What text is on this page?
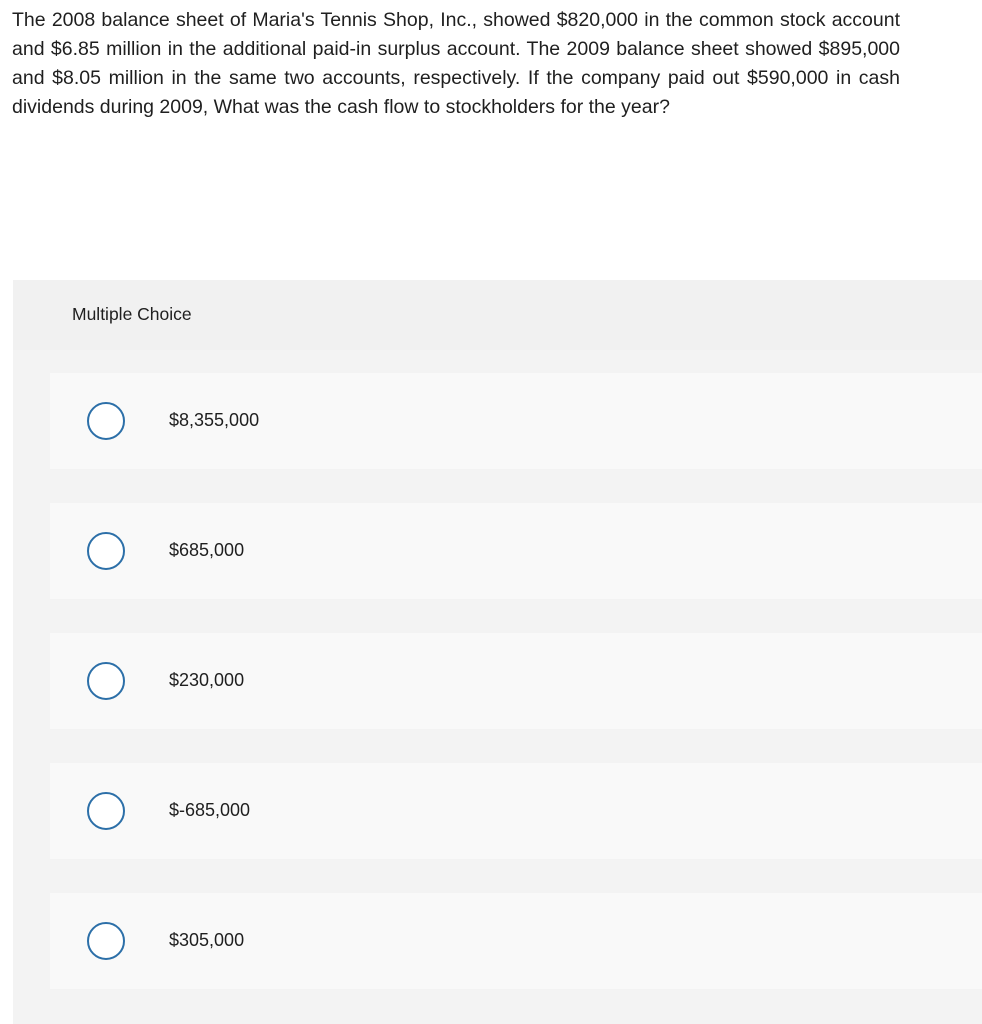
The 2008 balance sheet of Maria's Tennis Shop, Inc., showed $820,000 in the common stock account and $6.85 million in the additional paid-in surplus account. The 2009 balance sheet showed $895,000 and $8.05 million in the same two accounts, respectively. If the company paid out $590,000 in cash dividends during 2009, What was the cash flow to stockholders for the year?

Multiple Choice
$8,355,000
$685,000
$230,000
$-685,000
$305,000
